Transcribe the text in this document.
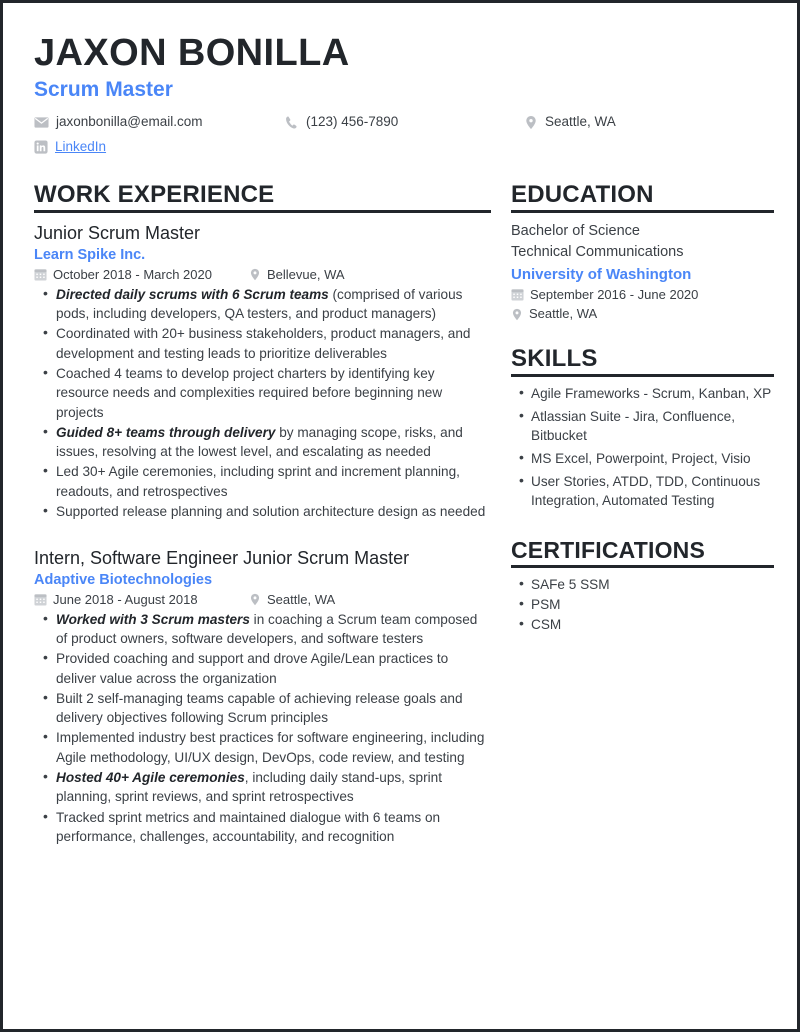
JAXON BONILLA
Scrum Master
jaxonbonilla@email.com	(123) 456-7890	Seattle, WA
LinkedIn
WORK EXPERIENCE
Junior Scrum Master
Learn Spike Inc.
October 2018 - March 2020	Bellevue, WA
• Directed daily scrums with 6 Scrum teams (comprised of various pods, including developers, QA testers, and product managers)
• Coordinated with 20+ business stakeholders, product managers, and development and testing leads to prioritize deliverables
• Coached 4 teams to develop project charters by identifying key resource needs and complexities required before beginning new projects
• Guided 8+ teams through delivery by managing scope, risks, and issues, resolving at the lowest level, and escalating as needed
• Led 30+ Agile ceremonies, including sprint and increment planning, readouts, and retrospectives
• Supported release planning and solution architecture design as needed
Intern, Software Engineer Junior Scrum Master
Adaptive Biotechnologies
June 2018 - August 2018	Seattle, WA
• Worked with 3 Scrum masters in coaching a Scrum team composed of product owners, software developers, and software testers
• Provided coaching and support and drove Agile/Lean practices to deliver value across the organization
• Built 2 self-managing teams capable of achieving release goals and delivery objectives following Scrum principles
• Implemented industry best practices for software engineering, including Agile methodology, UI/UX design, DevOps, code review, and testing
• Hosted 40+ Agile ceremonies, including daily stand-ups, sprint planning, sprint reviews, and sprint retrospectives
• Tracked sprint metrics and maintained dialogue with 6 teams on performance, challenges, accountability, and recognition
EDUCATION
Bachelor of Science
Technical Communications
University of Washington
September 2016 - June 2020
Seattle, WA
SKILLS
• Agile Frameworks - Scrum, Kanban, XP
• Atlassian Suite - Jira, Confluence, Bitbucket
• MS Excel, Powerpoint, Project, Visio
• User Stories, ATDD, TDD, Continuous Integration, Automated Testing
CERTIFICATIONS
• SAFe 5 SSM
• PSM
• CSM
